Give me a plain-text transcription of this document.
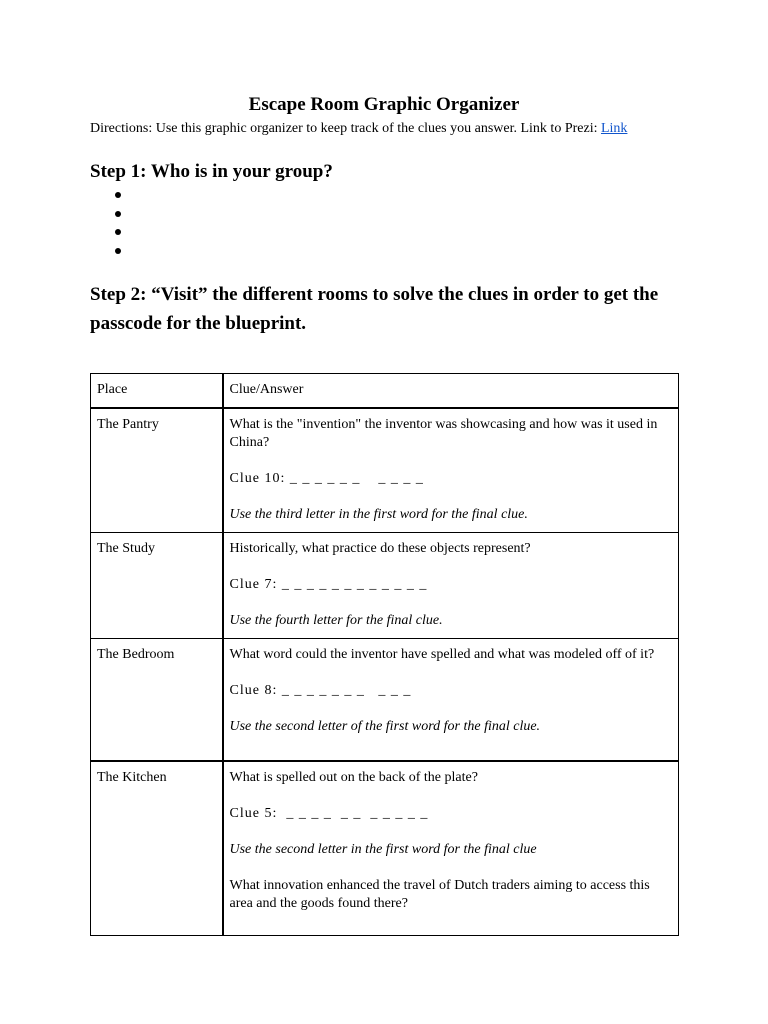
Escape Room Graphic Organizer
Directions: Use this graphic organizer to keep track of the clues you answer. Link to Prezi: Link
Step 1: Who is in your group?
Step 2: “Visit” the different rooms to solve the clues in order to get the passcode for the blueprint.
Place	Clue/Answer
The Pantry	What is the "invention" the inventor was showcasing and how was it used in China?

Clue 10: _ _ _ _ _ _    _ _ _ _

Use the third letter in the first word for the final clue.

The Study	Historically, what practice do these objects represent?

Clue 7: _ _ _ _ _ _ _ _ _ _ _ _

Use the fourth letter for the final clue.

The Bedroom	What word could the inventor have spelled and what was modeled off of it?

Clue 8: _ _ _ _ _ _ _   _ _ _

Use the second letter of the first word for the final clue.

The Kitchen	What is spelled out on the back of the plate?

Clue 5:  _ _ _ _  _ _  _ _ _ _ _

Use the second letter in the first word for the final clue

What innovation enhanced the travel of Dutch traders aiming to access this area and the goods found there?
